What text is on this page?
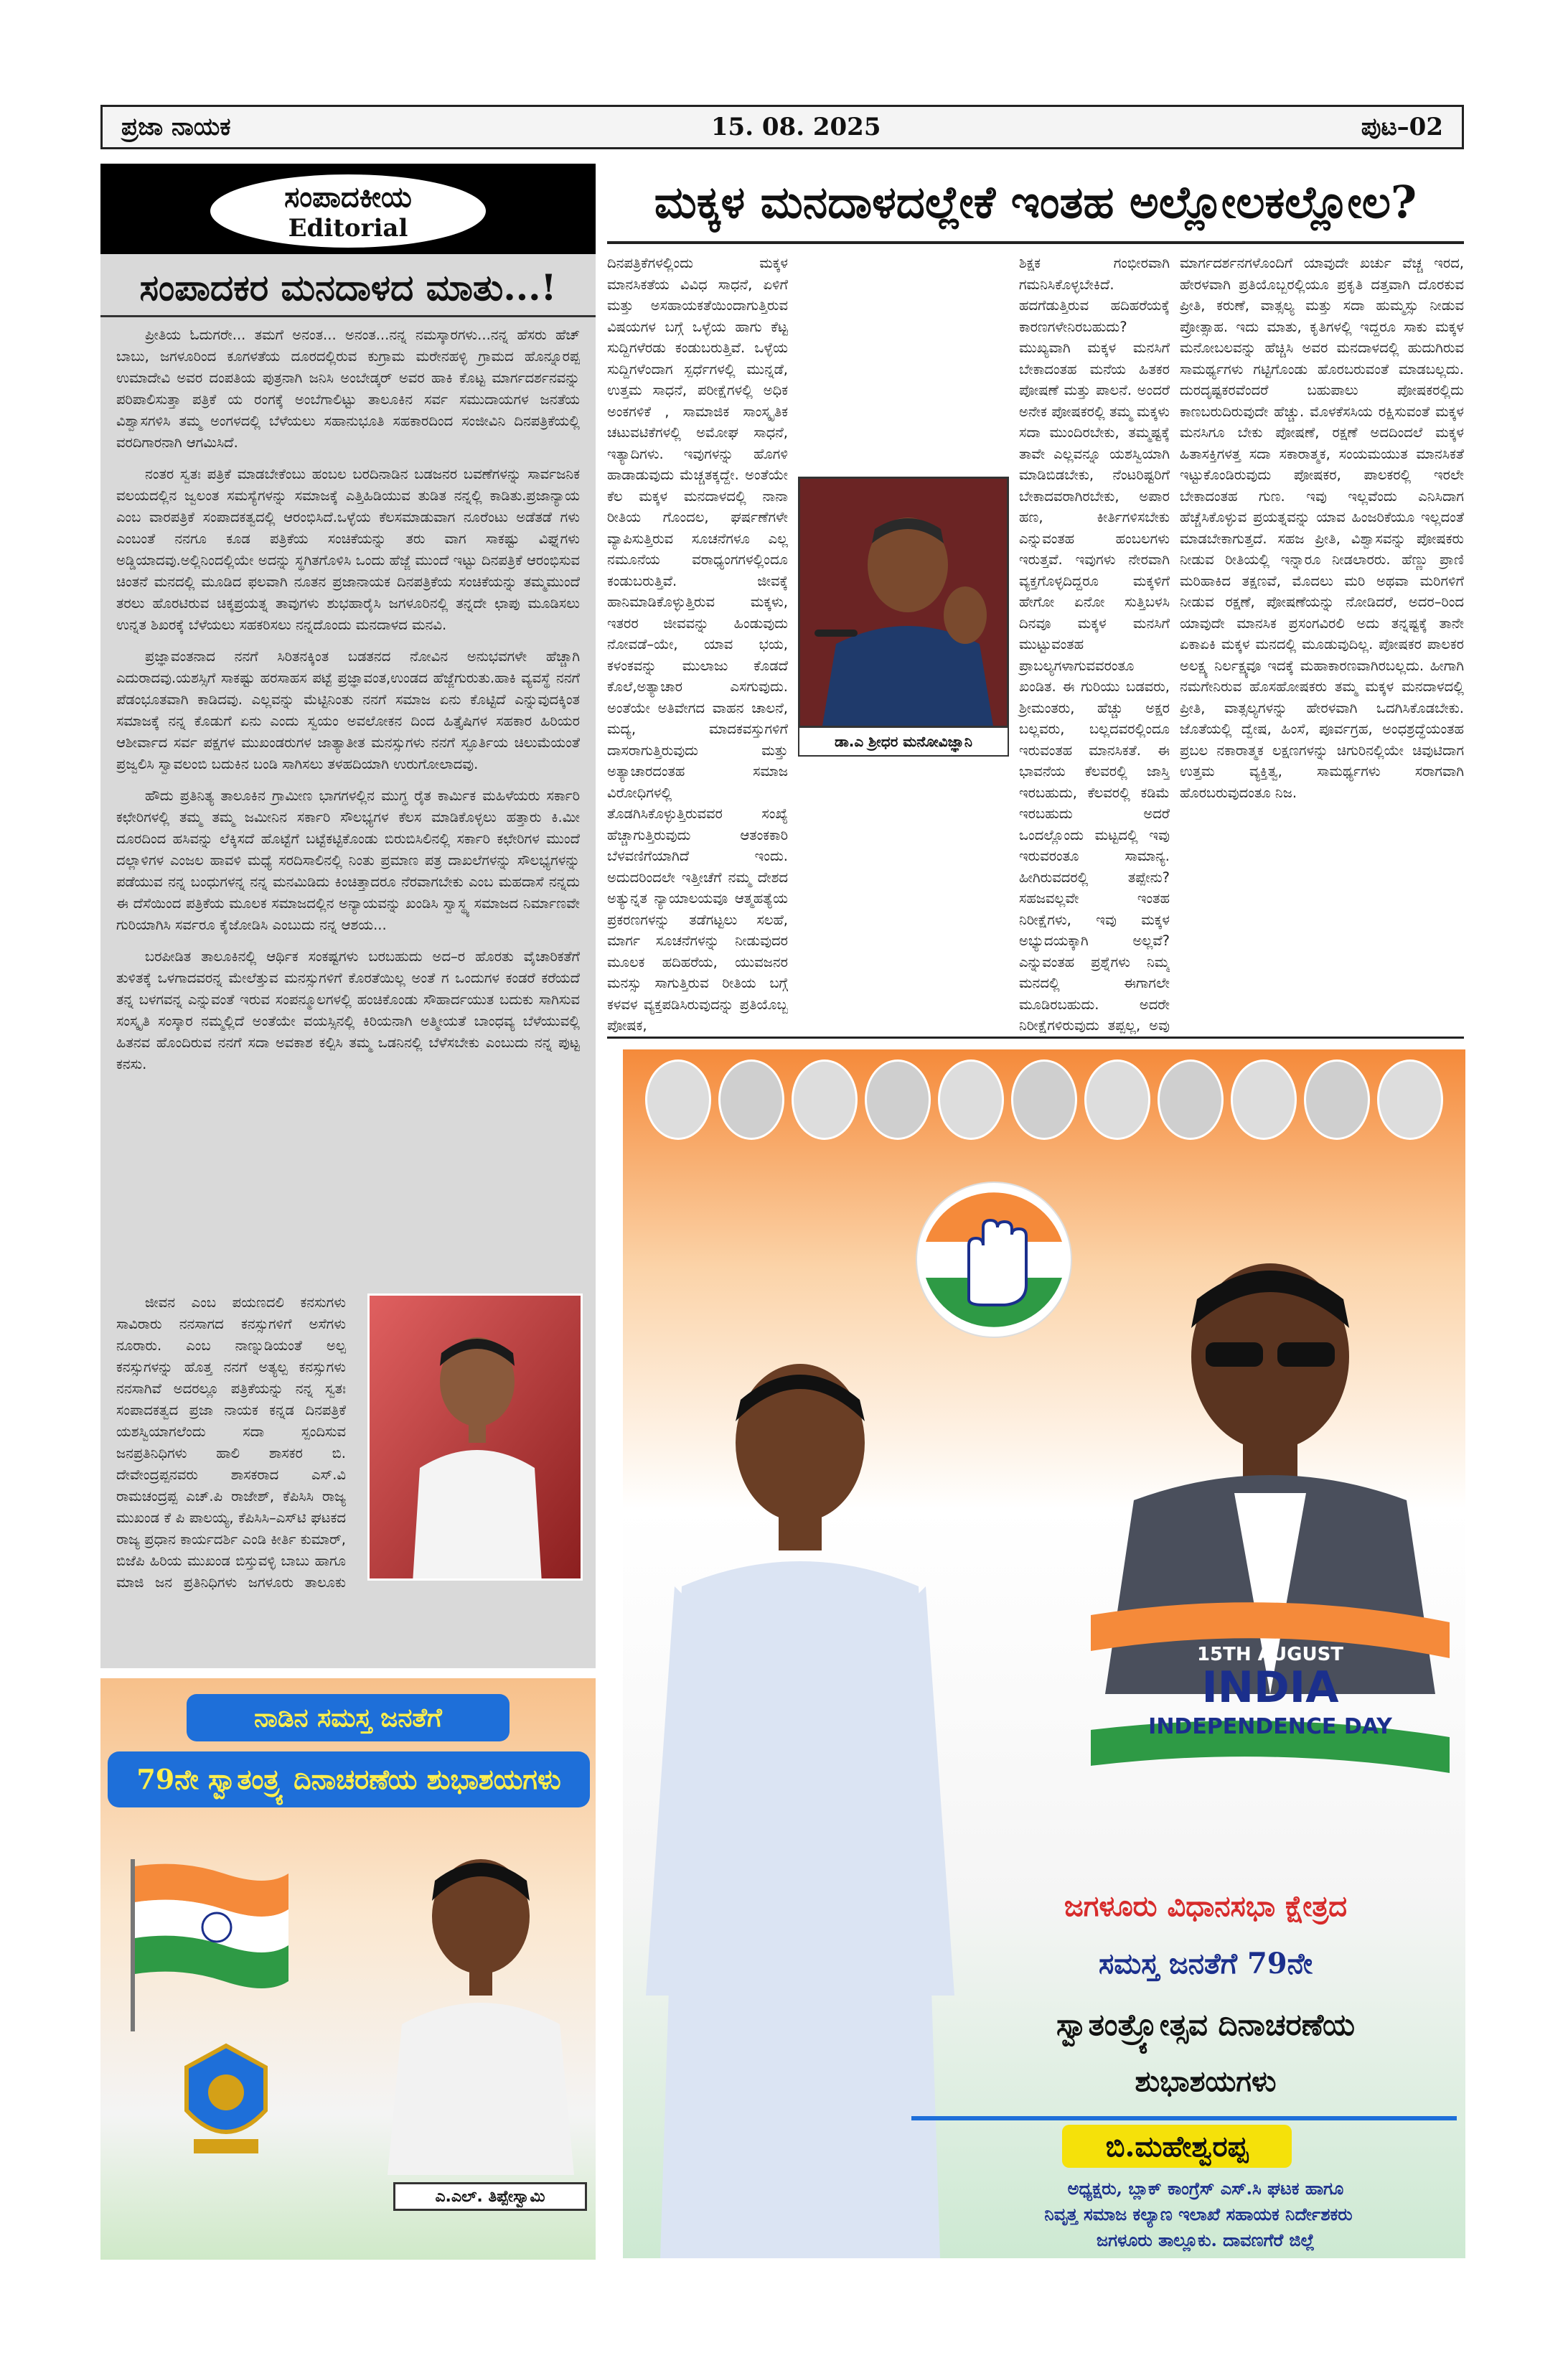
ಪ್ರಜಾ ನಾಯಕ	15. 08. 2025	ಪುಟ–02
ಸಂಪಾದಕೀಯ
Editorial
ಸಂಪಾದಕರ ಮನದಾಳದ ಮಾತು...!

ಪ್ರೀತಿಯ ಓದುಗರೇ... ತಮಗೆ ಅನಂತ... ಅನಂತ...ನನ್ನ ನಮಸ್ಕಾರಗಳು...ನನ್ನ ಹೆಸರು ಹೆಚ್ ಬಾಬು, ಜಗಳೂರಿಂದ ಕೂಗಳತೆಯ ದೂರದಲ್ಲಿರುವ ಕುಗ್ರಾಮ ಮರೇನಹಳ್ಳಿ ಗ್ರಾಮದ ಹೊನ್ನೂರಪ್ಪ ಉಮಾದೇವಿ ಅವರ ದಂಪತಿಯ ಪುತ್ರನಾಗಿ ಜನಿಸಿ ಅಂಬೇಡ್ಕರ್ ಅವರ ಹಾಕಿ ಕೊಟ್ಟ ಮಾರ್ಗದರ್ಶನವನ್ನು ಪರಿಪಾಲಿಸುತ್ತಾ ಪತ್ರಿಕೆ ಯ ರಂಗಕ್ಕೆ ಅಂಬೆಗಾಲಿಟ್ಟು ತಾಲೂಕಿನ ಸರ್ವ ಸಮುದಾಯಗಳ ಜನತೆಯ ವಿಶ್ವಾಸಗಳಿಸಿ ತಮ್ಮ ಅಂಗಳದಲ್ಲಿ ಬೆಳೆಯಲು ಸಹಾನುಭೂತಿ ಸಹಕಾರದಿಂದ ಸಂಜೀವಿನಿ ದಿನಪತ್ರಿಕೆಯಲ್ಲಿ ವರದಿಗಾರನಾಗಿ ಆಗಮಿಸಿದೆ.

ನಂತರ ಸ್ವತಃ ಪತ್ರಿಕೆ ಮಾಡಬೇಕೆಂಬು ಹಂಬಲ ಬರದಿನಾಡಿನ ಬಡಜನರ ಬವಣೆಗಳನ್ನು ಸಾರ್ವಜನಿಕ ವಲಯದಲ್ಲಿನ ಜ್ವಲಂತ ಸಮಸ್ಯೆಗಳನ್ನು ಸಮಾಜಕ್ಕೆ ಎತ್ತಿಹಿಡಿಯುವ ತುಡಿತ ನನ್ನಲ್ಲಿ ಕಾಡಿತು.ಪ್ರಜಾನ್ಯಾಯ ಎಂಬ ವಾರಪತ್ರಿಕೆ ಸಂಪಾದಕತ್ವದಲ್ಲಿ ಆರಂಭಿಸಿದೆ.ಒಳ್ಳೆಯ ಕೆಲಸಮಾಡುವಾಗ ನೂರೆಂಟು ಅಡೆತಡೆ ಗಳು ಎಂಬಂತೆ ನನಗೂ ಕೂಡ ಪತ್ರಿಕೆಯ ಸಂಚಿಕೆಯನ್ನು ತರು ವಾಗ ಸಾಕಷ್ಟು ವಿಘ್ನಗಳು ಅಡ್ಡಿಯಾದವು.ಅಲ್ಲಿನಿಂದಲ್ಲಿಯೇ ಅದನ್ನು ಸ್ಥಗಿತಗೊಳಿಸಿ ಒಂದು ಹೆಜ್ಜೆ ಮುಂದೆ ಇಟ್ಟು ದಿನಪತ್ರಿಕೆ ಆರಂಭಿಸುವ ಚಿಂತನೆ ಮನದಲ್ಲಿ ಮೂಡಿದ ಫಲವಾಗಿ ನೂತನ ಪ್ರಜಾನಾಯಕ ದಿನಪತ್ರಿಕೆಯ ಸಂಚಿಕೆಯನ್ನು ತಮ್ಮಮುಂದೆ ತರಲು ಹೊರಟಿರುವ ಚಿಕ್ಕಪ್ರಯತ್ನ ತಾವುಗಳು ಶುಭಹಾರೈಸಿ ಜಗಳೂರಿನಲ್ಲಿ ತನ್ನದೇ ಛಾಪು ಮೂಡಿಸಲು ಉನ್ನತ ಶಿಖರಕ್ಕೆ ಬೆಳೆಯಲು ಸಹಕರಿಸಲು ನನ್ನದೊಂದು ಮನದಾಳದ ಮನವಿ.

ಪ್ರಜ್ಞಾವಂತನಾದ ನನಗೆ ಸಿರಿತನಕ್ಕಿಂತ ಬಡತನದ ನೋವಿನ ಅನುಭವಗಳೇ ಹೆಚ್ಚಾಗಿ ಎದುರಾದವು.ಯಶಸ್ಸಿಗೆ ಸಾಕಷ್ಟು ಹರಸಾಹಸ ಪಟ್ಟೆ ಪ್ರಜ್ಞಾವಂತ,ಉಂಡದ ಹೆಜ್ಜೆಗುರುತು.ಹಾಕಿ ವ್ಯವಸ್ಥೆ ನನಗೆ ಪೆಡಂಭೂತವಾಗಿ ಕಾಡಿದವು. ಎಲ್ಲವನ್ನು ಮೆಟ್ಟಿನಿಂತು ನನಗೆ ಸಮಾಜ ಏನು ಕೊಟ್ಟಿದೆ ಎನ್ನುವುದಕ್ಕಿಂತ ಸಮಾಜಕ್ಕೆ ನನ್ನ ಕೊಡುಗೆ ಏನು ಎಂದು ಸ್ವಯಂ ಅವಲೋಕನ ದಿಂದ ಹಿತ್ತೈಷಿಗಳ ಸಹಕಾರ ಹಿರಿಯರ ಆಶೀರ್ವಾದ ಸರ್ವ ಪಕ್ಷಗಳ ಮುಖಂಡರುಗಳ ಜಾತ್ಯಾತೀತ ಮನಸ್ಸುಗಳು ನನಗೆ ಸ್ಫೂರ್ತಿಯ ಚಿಲುಮೆಯಂತೆ ಪ್ರಜ್ವಲಿಸಿ ಸ್ವಾವಲಂಬಿ ಬದುಕಿನ ಬಂಡಿ ಸಾಗಿಸಲು ತಳಹದಿಯಾಗಿ ಉರುಗೋಲಾದವು.

ಹೌದು ಪ್ರತಿನಿತ್ಯ ತಾಲೂಕಿನ ಗ್ರಾಮೀಣ ಭಾಗಗಳಲ್ಲಿನ ಮುಗ್ಧ ರೈತ ಕಾರ್ಮಿಕ ಮಹಿಳೆಯರು ಸರ್ಕಾರಿ ಕಛೇರಿಗಳಲ್ಲಿ ತಮ್ಮ ತಮ್ಮ ಜಮೀನಿನ ಸರ್ಕಾರಿ ಸೌಲಭ್ಯಗಳ ಕೆಲಸ ಮಾಡಿಕೊಳ್ಳಲು ಹತ್ತಾರು ಕಿ.ಮೀ ದೂರದಿಂದ ಹಸಿವನ್ನು ಲೆಕ್ಕಿಸದೆ ಹೊಟ್ಟೆಗೆ ಬಟ್ಟೆಕಟ್ಟಿಕೊಂಡು ಬಿರುಬಿಸಿಲಿನಲ್ಲಿ ಸರ್ಕಾರಿ ಕಛೇರಿಗಳ ಮುಂದೆ ದಲ್ಲಾಳಿಗಳ ಎಂಜಲ ಹಾವಳಿ ಮಧ್ಯೆ ಸರದಿಸಾಲಿನಲ್ಲಿ ನಿಂತು ಪ್ರಮಾಣ ಪತ್ರ ದಾಖಲೆಗಳನ್ನು ಸೌಲಭ್ಯಗಳನ್ನು ಪಡೆಯುವ ನನ್ನ ಬಂಧುಗಳನ್ನ ನನ್ನ ಮನಮಿಡಿದು ಕಿಂಚಿತ್ತಾದರೂ ನೆರವಾಗಬೇಕು ಎಂಬ ಮಹದಾಸೆ ನನ್ನದು ಈ ದೆಸೆಯಿಂದ ಪತ್ರಿಕೆಯ ಮೂಲಕ ಸಮಾಜದಲ್ಲಿನ ಅನ್ಯಾಯವನ್ನು ಖಂಡಿಸಿ ಸ್ವಾಸ್ಥ್ಯ ಸಮಾಜದ ನಿರ್ಮಾಣವೇ ಗುರಿಯಾಗಿಸಿ ಸರ್ವರೂ ಕೈಜೋಡಿಸಿ ಎಂಬುದು ನನ್ನ ಆಶಯ...

ಬರಪೀಡಿತ ತಾಲೂಕಿನಲ್ಲಿ ಆರ್ಥಿಕ ಸಂಕಷ್ಟಗಳು ಬರಬಹುದು ಅದ–ರ ಹೊರತು ವೈಚಾರಿಕತೆಗೆ ತುಳಿತಕ್ಕೆ ಒಳಗಾದವರನ್ನ ಮೇಲೆತ್ತುವ ಮನಸ್ಸುಗಳಿಗೆ ಕೊರತೆಯಿಲ್ಲ ಅಂತೆ ಗ ಒಂದುಗಳ ಕಂಡರೆ ಕರೆಯದೆ ತನ್ನ ಬಳಗವನ್ನ ಎನ್ನುವಂತೆ ಇರುವ ಸಂಪನ್ಮೂಲಗಳಲ್ಲಿ ಹಂಚಿಕೊಂಡು ಸೌಹಾರ್ದಯುತ ಬದುಕು ಸಾಗಿಸುವ ಸಂಸ್ಕೃತಿ ಸಂಸ್ಕಾರ ನಮ್ಮಲ್ಲಿದೆ ಅಂತೆಯೇ ವಯಸ್ಸಿನಲ್ಲಿ ಕಿರಿಯನಾಗಿ ಅತ್ಮೀಯತೆ ಬಾಂಧವ್ಯ ಬೆಳೆಯುವಲ್ಲಿ ಹಿತನವ ಹೊಂದಿರುವ ನನಗೆ ಸದಾ ಅವಕಾಶ ಕಲ್ಪಿಸಿ ತಮ್ಮ ಒಡನಿನಲ್ಲಿ ಬೆಳೆಸಬೇಕು ಎಂಬುದು ನನ್ನ ಪುಟ್ಟ ಕನಸು.

ಜೀವನ ಎಂಬ ಪಯಣದಲಿ ಕನಸುಗಳು ಸಾವಿರಾರು ನನಸಾಗದ ಕನಸ್ಸುಗಳಿಗೆ ಅಸೆಗಳು ನೂರಾರು. ಎಂಬ ನಾಣ್ನುಡಿಯಂತೆ ಅಲ್ಪ ಕನಸ್ಸುಗಳನ್ನು ಹೊತ್ತ ನನಗೆ ಅತ್ಯಲ್ಪ ಕನಸ್ಸುಗಳು ನನಸಾಗಿವೆ ಅದರಲ್ಲೂ ಪತ್ರಿಕೆಯನ್ನು ನನ್ನ ಸ್ವತಃ ಸಂಪಾದಕತ್ವದ ಪ್ರಜಾ ನಾಯಕ ಕನ್ನಡ ದಿನಪತ್ರಿಕೆ ಯಶಸ್ವಿಯಾಗಲೆಂದು ಸದಾ ಸ್ಪಂದಿಸುವ ಜನಪ್ರತಿನಿಧಿಗಳು ಹಾಲಿ ಶಾಸಕರ ಬಿ. ದೇವೇಂದ್ರಪ್ಪನವರು ಶಾಸಕರಾದ ಎಸ್.ವಿ ರಾಮಚಂದ್ರಪ್ಪ ಎಚ್.ಪಿ ರಾಜೇಶ್, ಕೆಪಿಸಿಸಿ ರಾಜ್ಯ ಮುಖಂಡ ಕೆ ಪಿ ಪಾಲಯ್ಯ, ಕೆಪಿಸಿಸಿ–ಎಸ್‌ಟಿ ಘಟಕದ ರಾಜ್ಯ ಪ್ರಧಾನ ಕಾರ್ಯದರ್ಶಿ ಎಂಡಿ ಕೀರ್ತಿ ಕುಮಾರ್, ಬಿಜೆಪಿ ಹಿರಿಯ ಮುಖಂಡ ಬಿಸ್ತುವಳ್ಳಿ ಬಾಬು ಹಾಗೂ ಮಾಜಿ ಜನ ಪ್ರತಿನಿಧಿಗಳು ಜಗಳೂರು ತಾಲೂಕು

ನಾಡಿನ ಸಮಸ್ತ ಜನತೆಗೆ
79ನೇ ಸ್ವಾತಂತ್ರ್ಯ ದಿನಾಚರಣೆಯ ಶುಭಾಶಯಗಳು
ಎ.ಎಲ್. ತಿಪ್ಪೇಸ್ವಾಮಿ
ಮಕ್ಕಳ ಮನದಾಳದಲ್ಲೇಕೆ ಇಂತಹ ಅಲ್ಲೋಲಕಲ್ಲೋಲ?

ದಿನಪತ್ರಿಕೆಗಳಲ್ಲಿಂದು ಮಕ್ಕಳ ಮಾನಸಿಕತೆಯ ವಿವಿಧ ಸಾಧನೆ, ಏಳಿಗೆ ಮತ್ತು ಅಸಹಾಯಕತೆಯಿಂದಾಗುತ್ತಿರುವ ವಿಷಯಗಳ ಬಗ್ಗೆ ಒಳ್ಳೆಯ ಹಾಗು ಕೆಟ್ಟ ಸುದ್ದಿಗಳೆರಡು ಕಂಡುಬರುತ್ತಿವೆ. ಒಳ್ಳೆಯ ಸುದ್ದಿಗಳೆಂದಾಗ ಸ್ಪರ್ಧೆಗಳಲ್ಲಿ ಮುನ್ನಡೆ, ಉತ್ತಮ ಸಾಧನೆ, ಪರೀಕ್ಷೆಗಳಲ್ಲಿ ಅಧಿಕ ಅಂಕಗಳಿಕೆ , ಸಾಮಾಜಿಕ ಸಾಂಸ್ಕೃತಿಕ ಚಟುವಟಿಕೆಗಳಲ್ಲಿ ಅಮೋಘ ಸಾಧನೆ, ಇತ್ಯಾದಿಗಳು. ಇವುಗಳನ್ನು ಹೊಗಳಿ ಹಾಡಾಡುವುದು ಮೆಚ್ಚತಕ್ಕದ್ದೇ. ಅಂತೆಯೇ ಕೆಲ ಮಕ್ಕಳ ಮನದಾಳದಲ್ಲಿ ನಾನಾ ರೀತಿಯ ಗೊಂದಲ, ಘರ್ಷಣೆಗಳೇ ವ್ಯಾಪಿಸುತ್ತಿರುವ ಸೂಚನೆಗಳೂ ಎಲ್ಲ ನಮೂನೆಯ ವರಾಧ್ಯಂಗಗಳಲ್ಲಿಂದೂ ಕಂಡುಬರುತ್ತಿವೆ. ಜೀವಕ್ಕೆ ಹಾನಿಮಾಡಿಕೊಳ್ಳುತ್ತಿರುವ ಮಕ್ಕಳು, ಇತರರ ಜೀವವನ್ನು ಹಿಂಡುವುದು ನೋವಡೆ–ಯೇ, ಯಾವ ಭಯ, ಕಳಂಕವನ್ನು ಮುಲಾಜು ಕೊಡದೆ ಕೊಲೆ,ಅತ್ಯಾಚಾರ ಎಸಗುವುದು. ಅಂತೆಯೇ ಅತಿವೇಗದ ವಾಹನ ಚಾಲನೆ, ಮದ್ಯ, ಮಾದಕವಸ್ತುಗಳಿಗೆ ದಾಸರಾಗುತ್ತಿರುವುದು ಮತ್ತು ಅತ್ಯಾಚಾರದಂತಹ ಸಮಾಜ ವಿರೋಧಿಗಳಲ್ಲಿ ತೊಡಗಿಸಿಕೊಳ್ಳುತ್ತಿರುವವರ ಸಂಖ್ಯೆ ಹೆಚ್ಚಾಗುತ್ತಿರುವುದು ಆತಂಕಕಾರಿ ಬೆಳವಣಿಗೆಯಾಗಿದೆ ಇಂದು. ಅದುದರಿಂದಲೇ ಇತ್ತೀಚೆಗೆ ನಮ್ಮ ದೇಶದ ಅತ್ಯುನ್ನತ ನ್ಯಾಯಾಲಯವೂ ಆತ್ಮಹತ್ಯೆಯ ಪ್ರಕರಣಗಳನ್ನು ತಡೆಗಟ್ಟಲು ಸಲಹೆ, ಮಾರ್ಗ ಸೂಚನೆಗಳನ್ನು ನೀಡುವುದರ ಮೂಲಕ ಹದಿಹರೆಯ, ಯುವಜನರ ಮನಸ್ಸು ಸಾಗುತ್ತಿರುವ ರೀತಿಯ ಬಗ್ಗೆ ಕಳವಳ ವ್ಯಕ್ತಪಡಿಸಿರುವುದನ್ನು ಪ್ರತಿಯೊಬ್ಬ ಪೋಷಕ,

ಶಿಕ್ಷಕ ಗಂಭೀರವಾಗಿ ಗಮನಿಸಿಕೊಳ್ಳಬೇಕಿದೆ. ಹದಗೆಡುತ್ತಿರುವ ಹದಿಹರೆಯಕ್ಕೆ ಕಾರಣಗಳೇನಿರಬಹುದು? ಮುಖ್ಯವಾಗಿ ಮಕ್ಕಳ ಮನಸಿಗೆ ಬೇಕಾದಂತಹ ಮನೆಯ ಹಿತಕರ ಪೋಷಣೆ ಮತ್ತು ಪಾಲನೆ. ಅಂದರೆ ಅನೇಕ ಪೋಷಕರಲ್ಲಿ ತಮ್ಮ ಮಕ್ಕಳು ಸದಾ ಮುಂದಿರಬೇಕು, ತಮ್ಮಷ್ಟಕ್ಕೆ ತಾವೇ ಎಲ್ಲವನ್ನೂ ಯಶಸ್ವಿಯಾಗಿ ಮಾಡಿಬಿಡಬೇಕು, ನೆಂಟರಿಷ್ಟರಿಗೆ ಬೇಕಾದವರಾಗಿರಬೇಕು, ಅಪಾರ ಹಣ, ಕೀರ್ತಿಗಳಿಸಬೇಕು ಎನ್ನುವಂತಹ ಹಂಬಲಗಳು ಇರುತ್ತವೆ. ಇವುಗಳು ನೇರವಾಗಿ ವ್ಯಕ್ತಗೊಳ್ಳದಿದ್ದರೂ ಮಕ್ಕಳಿಗೆ ಹೇಗೋ ಏನೋ ಸುತ್ತಿಬಳಸಿ ದಿನವೂ ಮಕ್ಕಳ ಮನಸಿಗೆ ಮುಟ್ಟುವಂತಹ ಪ್ರಾಬಲ್ಯಗಳಾಗುವವರಂತೂ ಖಂಡಿತ. ಈ ಗುರಿಯು ಬಡವರು, ಶ್ರೀಮಂತರು, ಹೆಚ್ಚು ಅಕ್ಷರ ಬಲ್ಲವರು, ಬಲ್ಲದವರಲ್ಲಿಂದೂ ಇರುವಂತಹ ಮಾನಸಿಕತೆ. ಈ ಭಾವನೆಯ ಕೆಲವರಲ್ಲಿ ಜಾಸ್ತಿ ಇರಬಹುದು, ಕೆಲವರಲ್ಲಿ ಕಡಿಮೆ ಇರಬಹುದು ಅದರೆ ಒಂದಲ್ಲೊಂದು ಮಟ್ಟದಲ್ಲಿ ಇವು ಇರುವರಂತೂ ಸಾಮಾನ್ಯ. ಹೀಗಿರುವದರಲ್ಲಿ ತಪ್ಪೇನು? ಸಹಜವಲ್ಲವೇ ಇಂತಹ ನಿರೀಕ್ಷೆಗಳು, ಇವು ಮಕ್ಕಳ ಅಭ್ಯುದಯಕ್ಕಾಗಿ ಅಲ್ಲವೆ? ಎನ್ನುವಂತಹ ಪ್ರಶ್ನೆಗಳು ನಿಮ್ಮ ಮನದಲ್ಲಿ ಈಗಾಗಲೇ ಮೂಡಿರಬಹುದು. ಅದರೇ ನಿರೀಕ್ಷೆಗಳಿರುವುದು ತಪ್ಪಲ್ಲ, ಅವು

ಮಾರ್ಗದರ್ಶನಗಳೊಂದಿಗೆ ಯಾವುದೇ ಖರ್ಚು ವೆಚ್ಚ ಇರದ, ಹೇರಳವಾಗಿ ಪ್ರತಿಯೊಬ್ಬರಲ್ಲಿಯೂ ಪ್ರಕೃತಿ ದತ್ತವಾಗಿ ದೊರಕುವ ಪ್ರೀತಿ, ಕರುಣೆ, ವಾತ್ಸಲ್ಯ ಮತ್ತು ಸದಾ ಹುಮ್ಮಸ್ಸು ನೀಡುವ ಪ್ರೋತ್ಸಾಹ. ಇದು ಮಾತು, ಕೃತಿಗಳಲ್ಲಿ ಇದ್ದರೂ ಸಾಕು ಮಕ್ಕಳ ಮನೋಬಲವನ್ನು ಹೆಚ್ಚಿಸಿ ಅವರ ಮನದಾಳದಲ್ಲಿ ಹುದುಗಿರುವ ಸಾಮರ್ಥ್ಯಗಳು ಗಟ್ಟಿಗೊಂಡು ಹೊರಬರುವಂತೆ ಮಾಡಬಲ್ಲದು. ದುರದೃಷ್ಟಕರವೆಂದರೆ ಬಹುಪಾಲು ಪೋಷಕರಲ್ಲಿದು ಕಾಣಬರುದಿರುವುದೇ ಹೆಚ್ಚು. ಮೊಳಕೆಸಸಿಯ ರಕ್ಷಿಸುವಂತೆ ಮಕ್ಕಳ ಮನಸಿಗೂ ಬೇಕು ಪೋಷಣೆ, ರಕ್ಷಣೆ ಅದದಿಂದಲೆ ಮಕ್ಕಳ ಹಿತಾಸಕ್ತಿಗಳತ್ತ ಸದಾ ಸಕಾರಾತ್ಮಕ, ಸಂಯಮಯುತ ಮಾನಸಿಕತೆ ಇಟ್ಟುಕೊಂಡಿರುವುದು ಪೋಷಕರ, ಪಾಲಕರಲ್ಲಿ ಇರಲೇ ಬೇಕಾದಂತಹ ಗುಣ. ಇವು ಇಲ್ಲವೆಂದು ಎನಿಸಿದಾಗ ಹೆಚ್ಚೆಸಿಕೊಳ್ಳುವ ಪ್ರಯತ್ನವನ್ನು ಯಾವ ಹಿಂಜರಿಕೆಯೂ ಇಲ್ಲದಂತೆ ಮಾಡಬೇಕಾಗುತ್ತದೆ. ಸಹಜ ಪ್ರೀತಿ, ವಿಶ್ವಾಸವನ್ನು ಪೋಷಕರು ನೀಡುವ ರೀತಿಯಲ್ಲಿ ಇನ್ನಾರೂ ನೀಡಲಾರರು. ಹೆಣ್ಣು ಪ್ರಾಣಿ ಮರಿಹಾಕಿದ ತಕ್ಷಣವೆ, ಮೊದಲು ಮರಿ ಅಥವಾ ಮರಿಗಳಿಗೆ ನೀಡುವ ರಕ್ಷಣೆ, ಪೋಷಣೆಯನ್ನು ನೋಡಿದರೆ, ಅದರ–ರಿಂದ ಯಾವುದೇ ಮಾನಸಿಕ ಪ್ರಸಂಗವಿರಲಿ ಅದು ತನ್ನಷ್ಟಕ್ಕೆ ತಾನೇ ಏಕಾಏಕಿ ಮಕ್ಕಳ ಮನದಲ್ಲಿ ಮೂಡುವುದಿಲ್ಲ. ಪೋಷಕರ ಪಾಲಕರ ಅಲಕ್ಷ್ಯ ನಿರ್ಲಕ್ಷ್ಯವೂ ಇದಕ್ಕೆ ಮಹಾಕಾರಣವಾಗಿರಬಲ್ಲದು. ಹೀಗಾಗಿ ನಮಗೇನಿರುವ ಹೊಸಹೋಷಕರು ತಮ್ಮ ಮಕ್ಕಳ ಮನದಾಳದಲ್ಲಿ ಪ್ರೀತಿ, ವಾತ್ಸಲ್ಯಗಳನ್ನು ಹೇರಳವಾಗಿ ಒದಗಿಸಿಕೊಡಬೇಕು. ಜೊತೆಯಲ್ಲಿ ದ್ವೇಷ, ಹಿಂಸೆ, ಪೂರ್ವಗ್ರಹ, ಅಂಧಶ್ರದ್ಧೆಯಂತಹ ಪ್ರಬಲ ನಕಾರಾತ್ಮಕ ಲಕ್ಷಣಗಳನ್ನು ಚಿಗುರಿನಲ್ಲಿಯೇ ಚಿವುಟಿದಾಗ ಉತ್ತಮ ವ್ಯಕ್ತಿತ್ವ, ಸಾಮರ್ಥ್ಯಗಳು ಸರಾಗವಾಗಿ ಹೊರಬರುವುದಂತೂ ನಿಜ.

ಡಾ.ಎ ಶ್ರೀಧರ ಮನೋವಿಜ್ಞಾನಿ
15TH AUGUST
INDIA
INDEPENDENCE DAY
ಜಗಳೂರು ವಿಧಾನಸಭಾ ಕ್ಷೇತ್ರದ
ಸಮಸ್ತ ಜನತೆಗೆ 79ನೇ
ಸ್ವಾತಂತ್ರ್ಯೋತ್ಸವ ದಿನಾಚರಣೆಯ
ಶುಭಾಶಯಗಳು
ಬಿ.ಮಹೇಶ್ವರಪ್ಪ
ಅಧ್ಯಕ್ಷರು, ಬ್ಲಾಕ್ ಕಾಂಗ್ರೆಸ್ ಎಸ್.ಸಿ ಘಟಕ ಹಾಗೂ
ನಿವೃತ್ತ ಸಮಾಜ ಕಲ್ಯಾಣ ಇಲಾಖೆ ಸಹಾಯಕ ನಿರ್ದೇಶಕರು
ಜಗಳೂರು ತಾಲ್ಲೂಕು. ದಾವಣಗೆರೆ ಜಿಲ್ಲೆ
